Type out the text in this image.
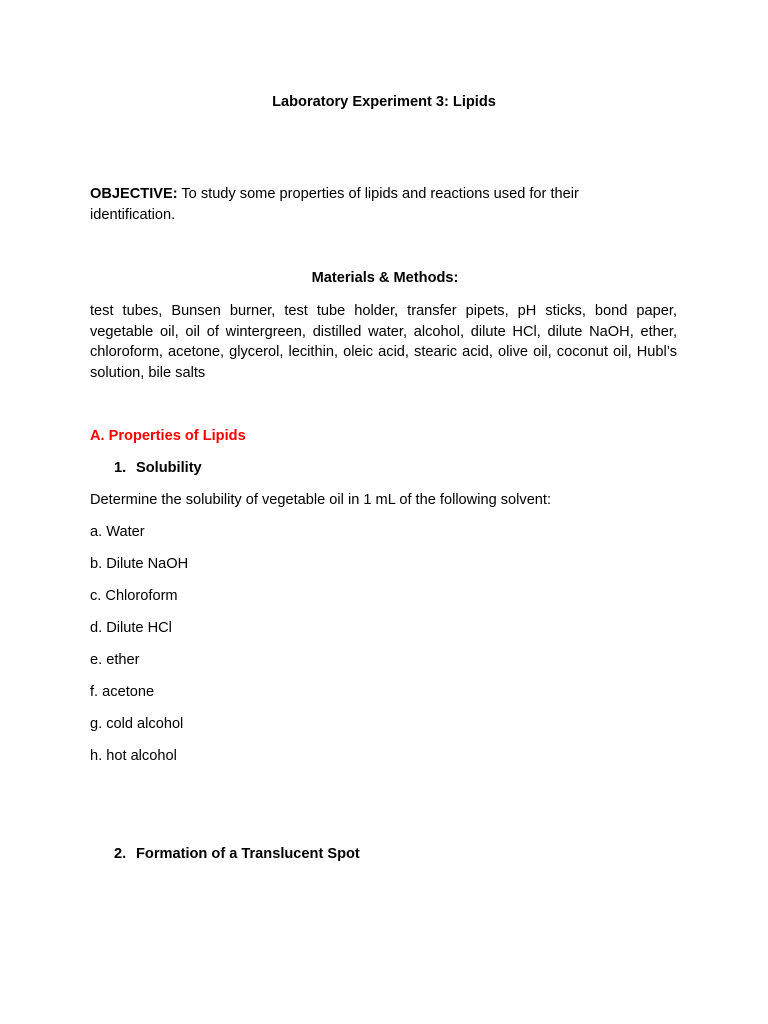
Laboratory Experiment 3: Lipids
OBJECTIVE: To study some properties of lipids and reactions used for their identification.
Materials & Methods:
test tubes, Bunsen burner, test tube holder, transfer pipets, pH sticks, bond paper, vegetable oil, oil of wintergreen, distilled water, alcohol, dilute HCl, dilute NaOH, ether, chloroform, acetone, glycerol, lecithin, oleic acid, stearic acid, olive oil, coconut oil, Hubl’s solution, bile salts
A. Properties of Lipids
1. Solubility
Determine the solubility of vegetable oil in 1 mL of the following solvent:
a. Water
b. Dilute NaOH
c. Chloroform
d. Dilute HCl
e. ether
f. acetone
g. cold alcohol
h. hot alcohol
2. Formation of a Translucent Spot
